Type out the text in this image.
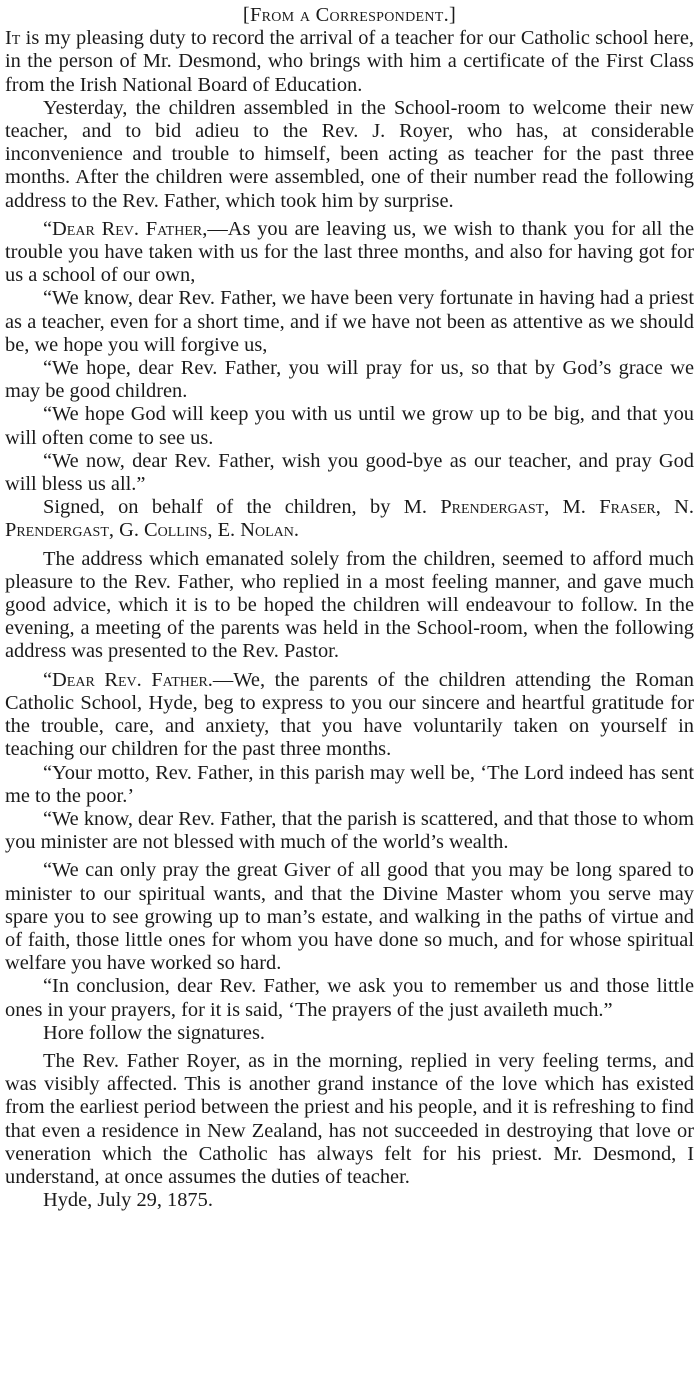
[From a Correspondent.]

It is my pleasing duty to record the arrival of a teacher for our Catholic school here, in the person of Mr. Desmond, who brings with him a certificate of the First Class from the Irish National Board of Education.

Yesterday, the children assembled in the School-room to welcome their new teacher, and to bid adieu to the Rev. J. Royer, who has, at considerable inconvenience and trouble to himself, been acting as teacher for the past three months. After the children were assembled, one of their number read the following address to the Rev. Father, which took him by surprise.

“Dear Rev. Father,—As you are leaving us, we wish to thank you for all the trouble you have taken with us for the last three months, and also for having got for us a school of our own,

“We know, dear Rev. Father, we have been very fortunate in having had a priest as a teacher, even for a short time, and if we have not been as attentive as we should be, we hope you will forgive us,

“We hope, dear Rev. Father, you will pray for us, so that by God’s grace we may be good children.

“We hope God will keep you with us until we grow up to be big, and that you will often come to see us.

“We now, dear Rev. Father, wish you good-bye as our teacher, and pray God will bless us all.”

Signed, on behalf of the children, by M. Prendergast, M. Fraser, N. Prendergast, G. Collins, E. Nolan.

The address which emanated solely from the children, seemed to afford much pleasure to the Rev. Father, who replied in a most feeling manner, and gave much good advice, which it is to be hoped the children will endeavour to follow. In the evening, a meeting of the parents was held in the School-room, when the following address was presented to the Rev. Pastor.

“Dear Rev. Father.—We, the parents of the children attending the Roman Catholic School, Hyde, beg to express to you our sincere and heartful gratitude for the trouble, care, and anxiety, that you have voluntarily taken on yourself in teaching our children for the past three months.

“Your motto, Rev. Father, in this parish may well be, ‘The Lord indeed has sent me to the poor.’

“We know, dear Rev. Father, that the parish is scattered, and that those to whom you minister are not blessed with much of the world’s wealth.

“We can only pray the great Giver of all good that you may be long spared to minister to our spiritual wants, and that the Divine Master whom you serve may spare you to see growing up to man’s estate, and walking in the paths of virtue and of faith, those little ones for whom you have done so much, and for whose spiritual welfare you have worked so hard.

“In conclusion, dear Rev. Father, we ask you to remember us and those little ones in your prayers, for it is said, ‘The prayers of the just availeth much.”

Hore follow the signatures.

The Rev. Father Royer, as in the morning, replied in very feeling terms, and was visibly affected. This is another grand instance of the love which has existed from the earliest period between the priest and his people, and it is refreshing to find that even a residence in New Zealand, has not succeeded in destroying that love or veneration which the Catholic has always felt for his priest. Mr. Desmond, I understand, at once assumes the duties of teacher.

Hyde, July 29, 1875.
